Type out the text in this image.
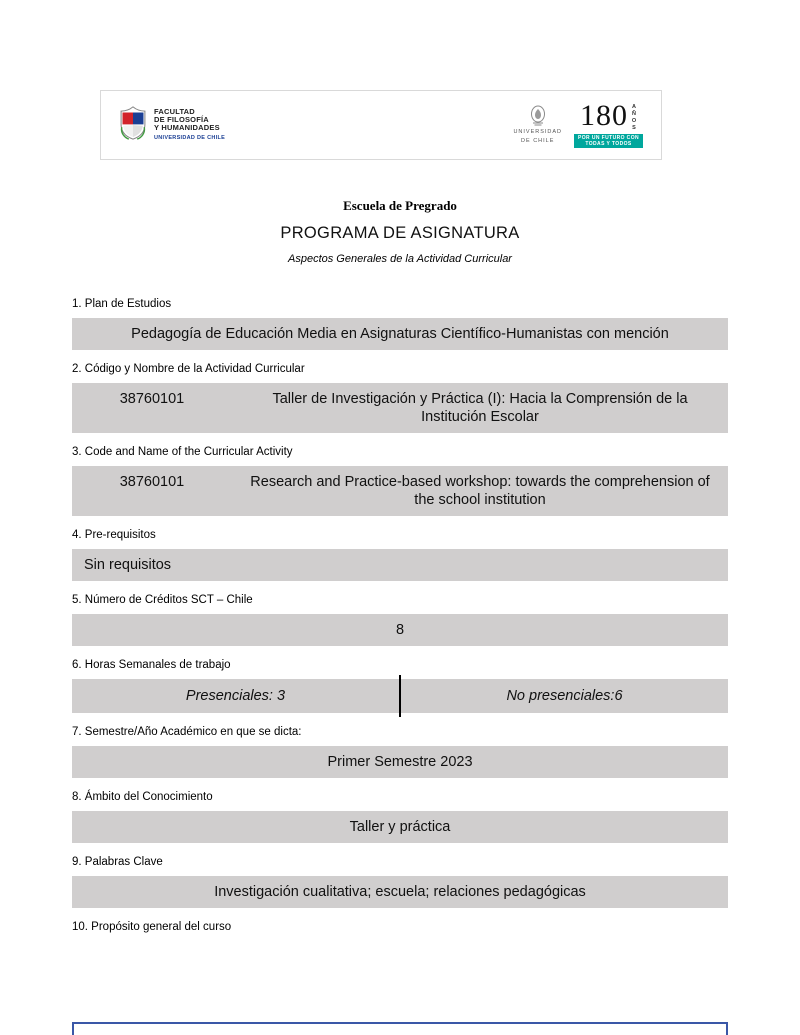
FACULTAD
DE FILOSOFÍA
Y HUMANIDADES
UNIVERSIDAD DE CHILE
UNIVERSIDAD
DE CHILE
180 AÑOS
POR UN FUTURO CON
TODAS Y TODOS
Escuela de Pregrado
PROGRAMA DE ASIGNATURA
Aspectos Generales de la Actividad Curricular
1. Plan de Estudios
Pedagogía de Educación Media en Asignaturas Científico-Humanistas con mención
2. Código y Nombre de la Actividad Curricular
38760101	Taller de Investigación y Práctica (I): Hacia la Comprensión de la Institución Escolar
3. Code and Name of the Curricular Activity
38760101	Research and Practice-based workshop: towards the comprehension of the school institution
4. Pre-requisitos
Sin requisitos
5. Número de Créditos SCT – Chile
8
6. Horas Semanales de trabajo
Presenciales: 3	No presenciales:6
7. Semestre/Año Académico en que se dicta:
Primer Semestre 2023
8. Ámbito del Conocimiento
Taller y práctica
9. Palabras Clave
Investigación cualitativa; escuela; relaciones pedagógicas
10. Propósito general del curso
